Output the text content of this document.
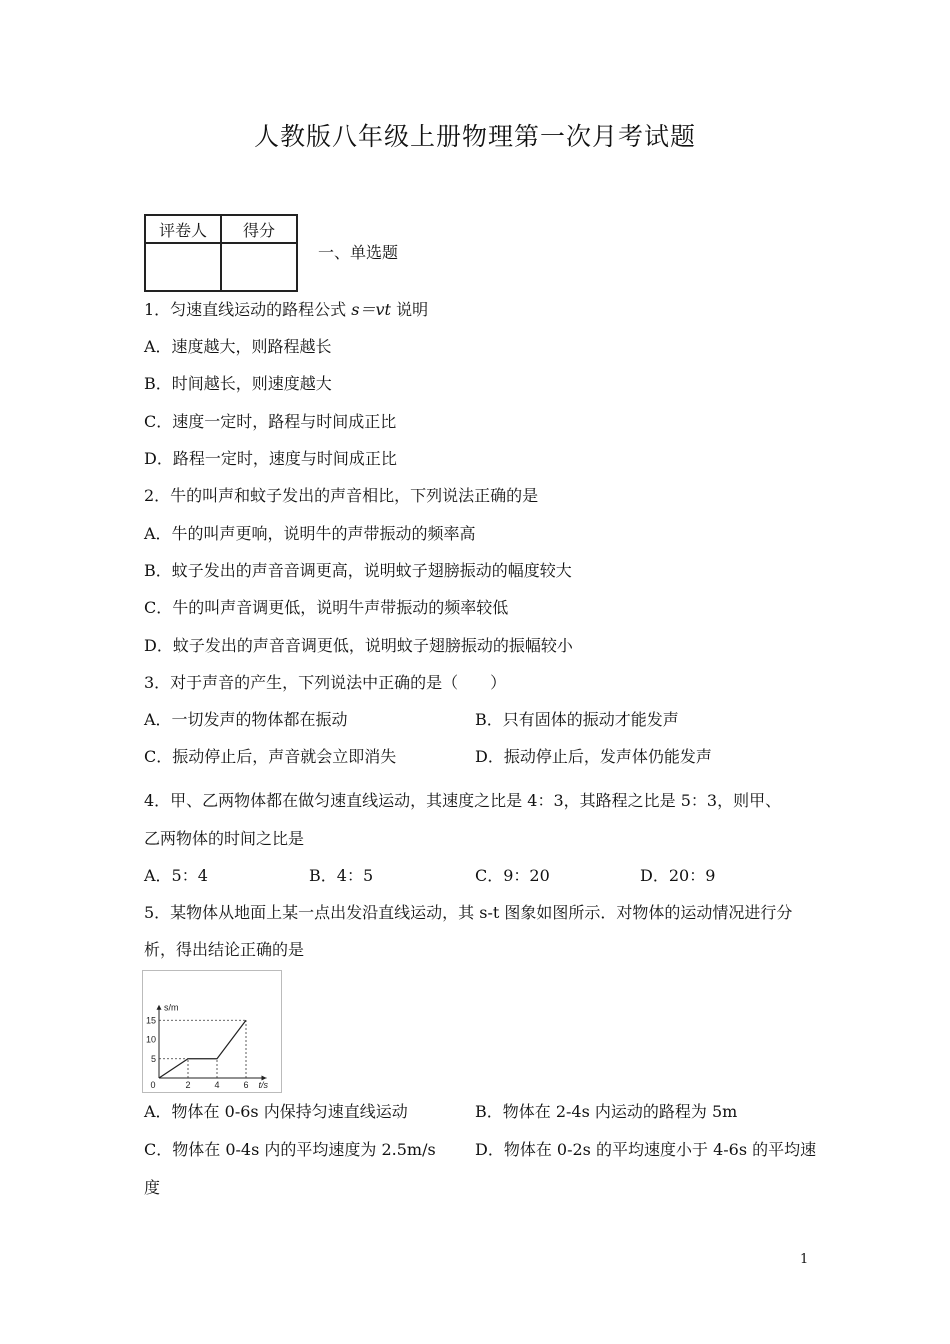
人教版八年级上册物理第一次月考试题
评卷人	得分

一、单选题
1．匀速直线运动的路程公式 s＝vt 说明
A．速度越大，则路程越长
B．时间越长，则速度越大
C．速度一定时，路程与时间成正比
D．路程一定时，速度与时间成正比
2．牛的叫声和蚊子发出的声音相比，下列说法正确的是
A．牛的叫声更响，说明牛的声带振动的频率高
B．蚊子发出的声音音调更高，说明蚊子翅膀振动的幅度较大
C．牛的叫声音调更低，说明牛声带振动的频率较低
D．蚊子发出的声音音调更低，说明蚊子翅膀振动的振幅较小
3．对于声音的产生，下列说法中正确的是（　　）
A．一切发声的物体都在振动	B．只有固体的振动才能发声
C．振动停止后，声音就会立即消失	D．振动停止后，发声体仍能发声
4．甲、乙两物体都在做匀速直线运动，其速度之比是 4：3，其路程之比是 5：3，则甲、
乙两物体的时间之比是
A．5：4	B．4：5	C．9：20	D．20：9
5．某物体从地面上某一点出发沿直线运动，其 s-t 图象如图所示．对物体的运动情况进行分
析，得出结论正确的是
2	4	6
5
10
15
0
s/m
t/s
A．物体在 0-6s 内保持匀速直线运动	B．物体在 2-4s 内运动的路程为 5m
C．物体在 0-4s 内的平均速度为 2.5m/s D．物体在 0-2s 的平均速度小于 4-6s 的平均速
度
1
